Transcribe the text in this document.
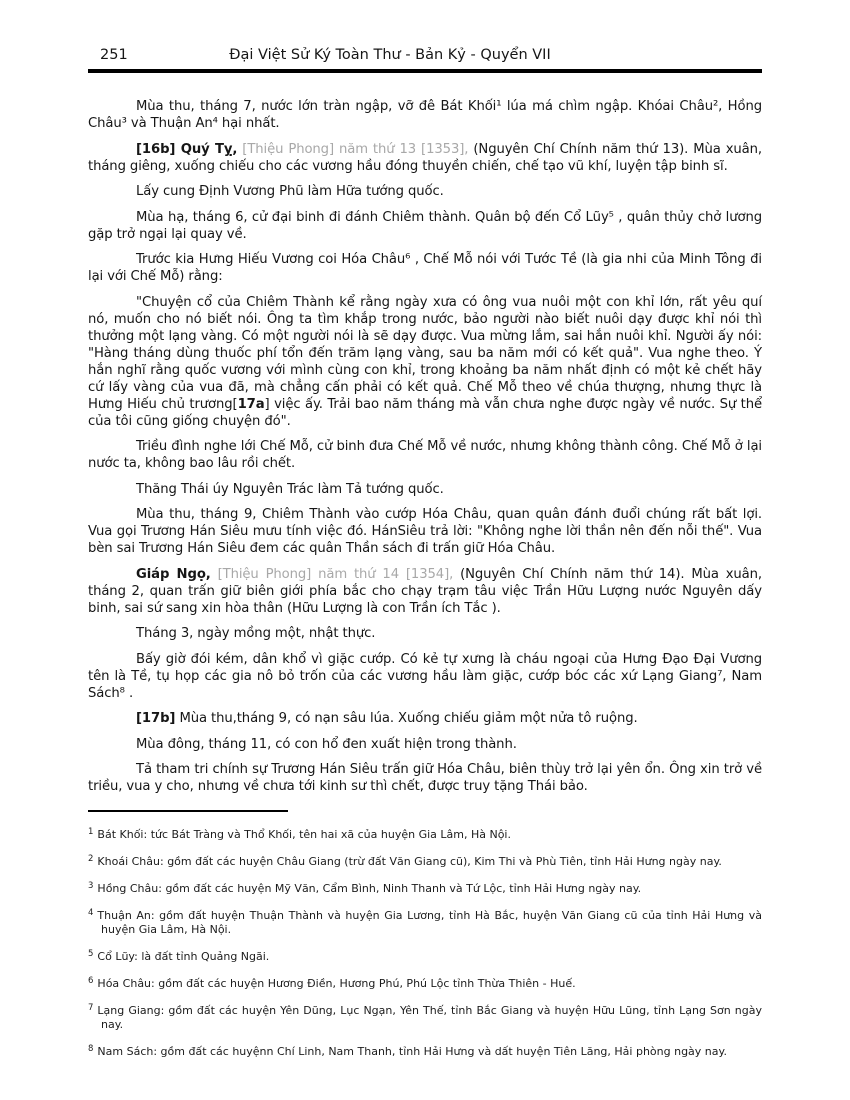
251	Đại Việt Sử Ký Toàn Thư - Bản Kỷ - Quyển VII

Mùa thu, tháng 7, nước lớn tràn ngập, vỡ đê Bát Khối¹ lúa má chìm ngập. Khóai Châu², Hồng Châu³ và Thuận An⁴ hại nhất.

[16b] Quý Tỵ, [Thiệu Phong] năm thứ 13 [1353], (Nguyên Chí Chính năm thứ 13). Mùa xuân, tháng giêng, xuống chiếu cho các vương hầu đóng thuyền chiến, chế tạo vũ khí, luyện tập binh sĩ.

Lấy cung Định Vương Phũ làm Hữa tướng quốc.

Mùa hạ, tháng 6, cử đại binh đi đánh Chiêm thành. Quân bộ đến Cổ Lũy⁵ , quân thủy chở lương gặp trở ngại lại quay về.

Trước kia Hưng Hiếu Vương coi Hóa Châu⁶ , Chế Mỗ nói với Tước Tề (là gia nhi của Minh Tông đi lại với Chế Mỗ) rằng:

"Chuyện cổ của Chiêm Thành kể rằng ngày xưa có ông vua nuôi một con khỉ lớn, rất yêu quí nó, muốn cho nó biết nói. Ông ta tìm khắp trong nước, bảo người nào biết nuôi dạy được khỉ nói thì thưởng một lạng vàng. Có một người nói là sẽ dạy được. Vua mừng lắm, sai hắn nuôi khỉ. Người ấy nói: "Hàng tháng dùng thuốc phí tổn đến trăm lạng vàng, sau ba năm mới có kết quả". Vua nghe theo. Ý hắn nghĩ rằng quốc vương với mình cùng con khỉ, trong khoảng ba năm nhất định có một kẻ chết hãy cứ lấy vàng của vua đã, mà chẳng cấn phải có kết quả. Chế Mỗ theo về chúa thượng, nhưng thực là Hưng Hiếu chủ trương[17a] việc ấy. Trải bao năm tháng mà vẫn chưa nghe được ngày về nước. Sự thể của tôi cũng giống chuyện đó".

Triều đình nghe lới Chế Mỗ, cử binh đưa Chế Mỗ về nước, nhưng không thành công. Chế Mỗ ở lại nước ta, không bao lâu rồi chết.

Thăng Thái úy Nguyên Trác làm Tả tướng quốc.

Mùa thu, tháng 9, Chiêm Thành vào cướp Hóa Châu, quan quân đánh đuổi chúng rất bất lợi. Vua gọi Trương Hán Siêu mưu tính việc đó. HánSiêu trả lời: "Không nghe lời thần nên đến nỗi thế". Vua bèn sai Trương Hán Siêu đem các quân Thần sách đi trấn giữ Hóa Châu.

Giáp Ngọ, [Thiệu Phong] năm thứ 14 [1354], (Nguyên Chí Chính năm thứ 14). Mùa xuân, tháng 2, quan trấn giữ biên giới phía bắc cho chạy trạm tâu việc Trần Hữu Lượng nước Nguyên dấy binh, sai sứ sang xin hòa thân (Hữu Lượng là con Trần ích Tắc ).

Tháng 3, ngày mồng một, nhật thực.

Bấy giờ đói kém, dân khổ vì giặc cướp. Có kẻ tự xưng là cháu ngoại của Hưng Đạo Đại Vương tên là Tề, tụ họp các gia nô bỏ trốn của các vương hầu làm giặc, cướp bóc các xứ Lạng Giang⁷, Nam Sách⁸ .

[17b] Mùa thu,tháng 9, có nạn sâu lúa. Xuống chiếu giảm một nửa tô ruộng.

Mùa đông, tháng 11, có con hổ đen xuất hiện trong thành.

Tả tham tri chính sự Trương Hán Siêu trấn giữ Hóa Châu, biên thùy trở lại yên ổn. Ông xin trở về triều, vua y cho, nhưng về chưa tới kinh sư thì chết, được truy tặng Thái bảo.

$^1$ Bát Khối: tức Bát Tràng và Thổ Khối, tên hai xã của huyện Gia Lâm, Hà Nội.

$^2$ Khoái Châu: gồm đất các huyện Châu Giang (trừ đất Văn Giang cũ), Kim Thi và Phù Tiên, tỉnh Hải Hưng ngày nay.

$^3$ Hồng Châu: gồm đất các huyện Mỹ Văn, Cẩm Bình, Ninh Thanh và Tứ Lộc, tỉnh Hải Hưng ngày nay.

$^4$ Thuận An: gồm đất huyện Thuận Thành và huyện Gia Lương, tỉnh Hà Bắc, huyện Văn Giang cũ của tỉnh Hải Hưng và huyện Gia Lâm, Hà Nội.

$^5$ Cổ Lũy: là đất tỉnh Quảng Ngãi.

$^6$ Hóa Châu: gồm đất các huyện Hương Điền, Hương Phú, Phú Lộc tỉnh Thừa Thiên - Huế.

$^7$ Lạng Giang: gồm đất các huyện Yên Dũng, Lục Ngạn, Yên Thế, tỉnh Bắc Giang và huyện Hữu Lũng, tỉnh Lạng Sơn ngày nay.

$^8$ Nam Sách: gồm đất các huyệnn Chí Linh, Nam Thanh, tỉnh Hải Hưng và dất huyện Tiên Lăng, Hải phòng ngày nay.
